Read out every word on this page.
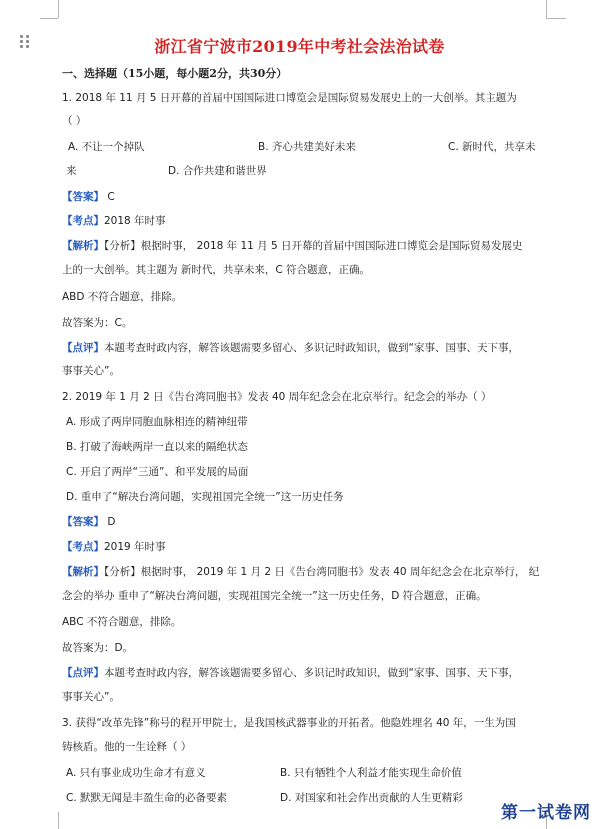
浙江省宁波市2019年中考社会法治试卷
一、选择题（15小题，每小题2分，共30分）
1. 2018 年 11 月 5 日开幕的首届中国国际进口博览会是国际贸易发展史上的一大创举。其主题为
（ ）
A. 不让一个掉队	B. 齐心共建美好未来	C. 新时代，共享未
来	D. 合作共建和谐世界
【答案】 C
【考点】2018 年时事
【解析】【分析】根据时事， 2018 年 11 月 5 日开幕的首届中国国际进口博览会是国际贸易发展史
上的一大创举。其主题为 新时代，共享未来，C 符合题意，正确。
ABD 不符合题意，排除。
故答案为：C。
【点评】本题考查时政内容，解答该题需要多留心、多识记时政知识，做到“家事、国事、天下事，
事事关心”。
2. 2019 年 1 月 2 日《告台湾同胞书》发表 40 周年纪念会在北京举行。纪念会的举办（ ）
A. 形成了两岸同胞血脉相连的精神纽带
B. 打破了海峡两岸一直以来的隔绝状态
C. 开启了两岸“三通”、和平发展的局面
D. 重申了“解决台湾问题，实现祖国完全统一”这一历史任务
【答案】 D
【考点】2019 年时事
【解析】【分析】根据时事， 2019 年 1 月 2 日《告台湾同胞书》发表 40 周年纪念会在北京举行， 纪
念会的举办 重申了“解决台湾问题，实现祖国完全统一”这一历史任务，D 符合题意，正确。
ABC 不符合题意，排除。
故答案为：D。
【点评】本题考查时政内容，解答该题需要多留心、多识记时政知识，做到“家事、国事、天下事，
事事关心”。
3. 获得“改革先锋”称号的程开甲院士，是我国核武器事业的开拓者。他隐姓埋名 40 年，一生为国
铸核盾。他的一生诠释（ ）
A. 只有事业成功生命才有意义	B. 只有牺牲个人利益才能实现生命价值
C. 默默无闻是丰盈生命的必备要素	D. 对国家和社会作出贡献的人生更精彩
第一试卷网
